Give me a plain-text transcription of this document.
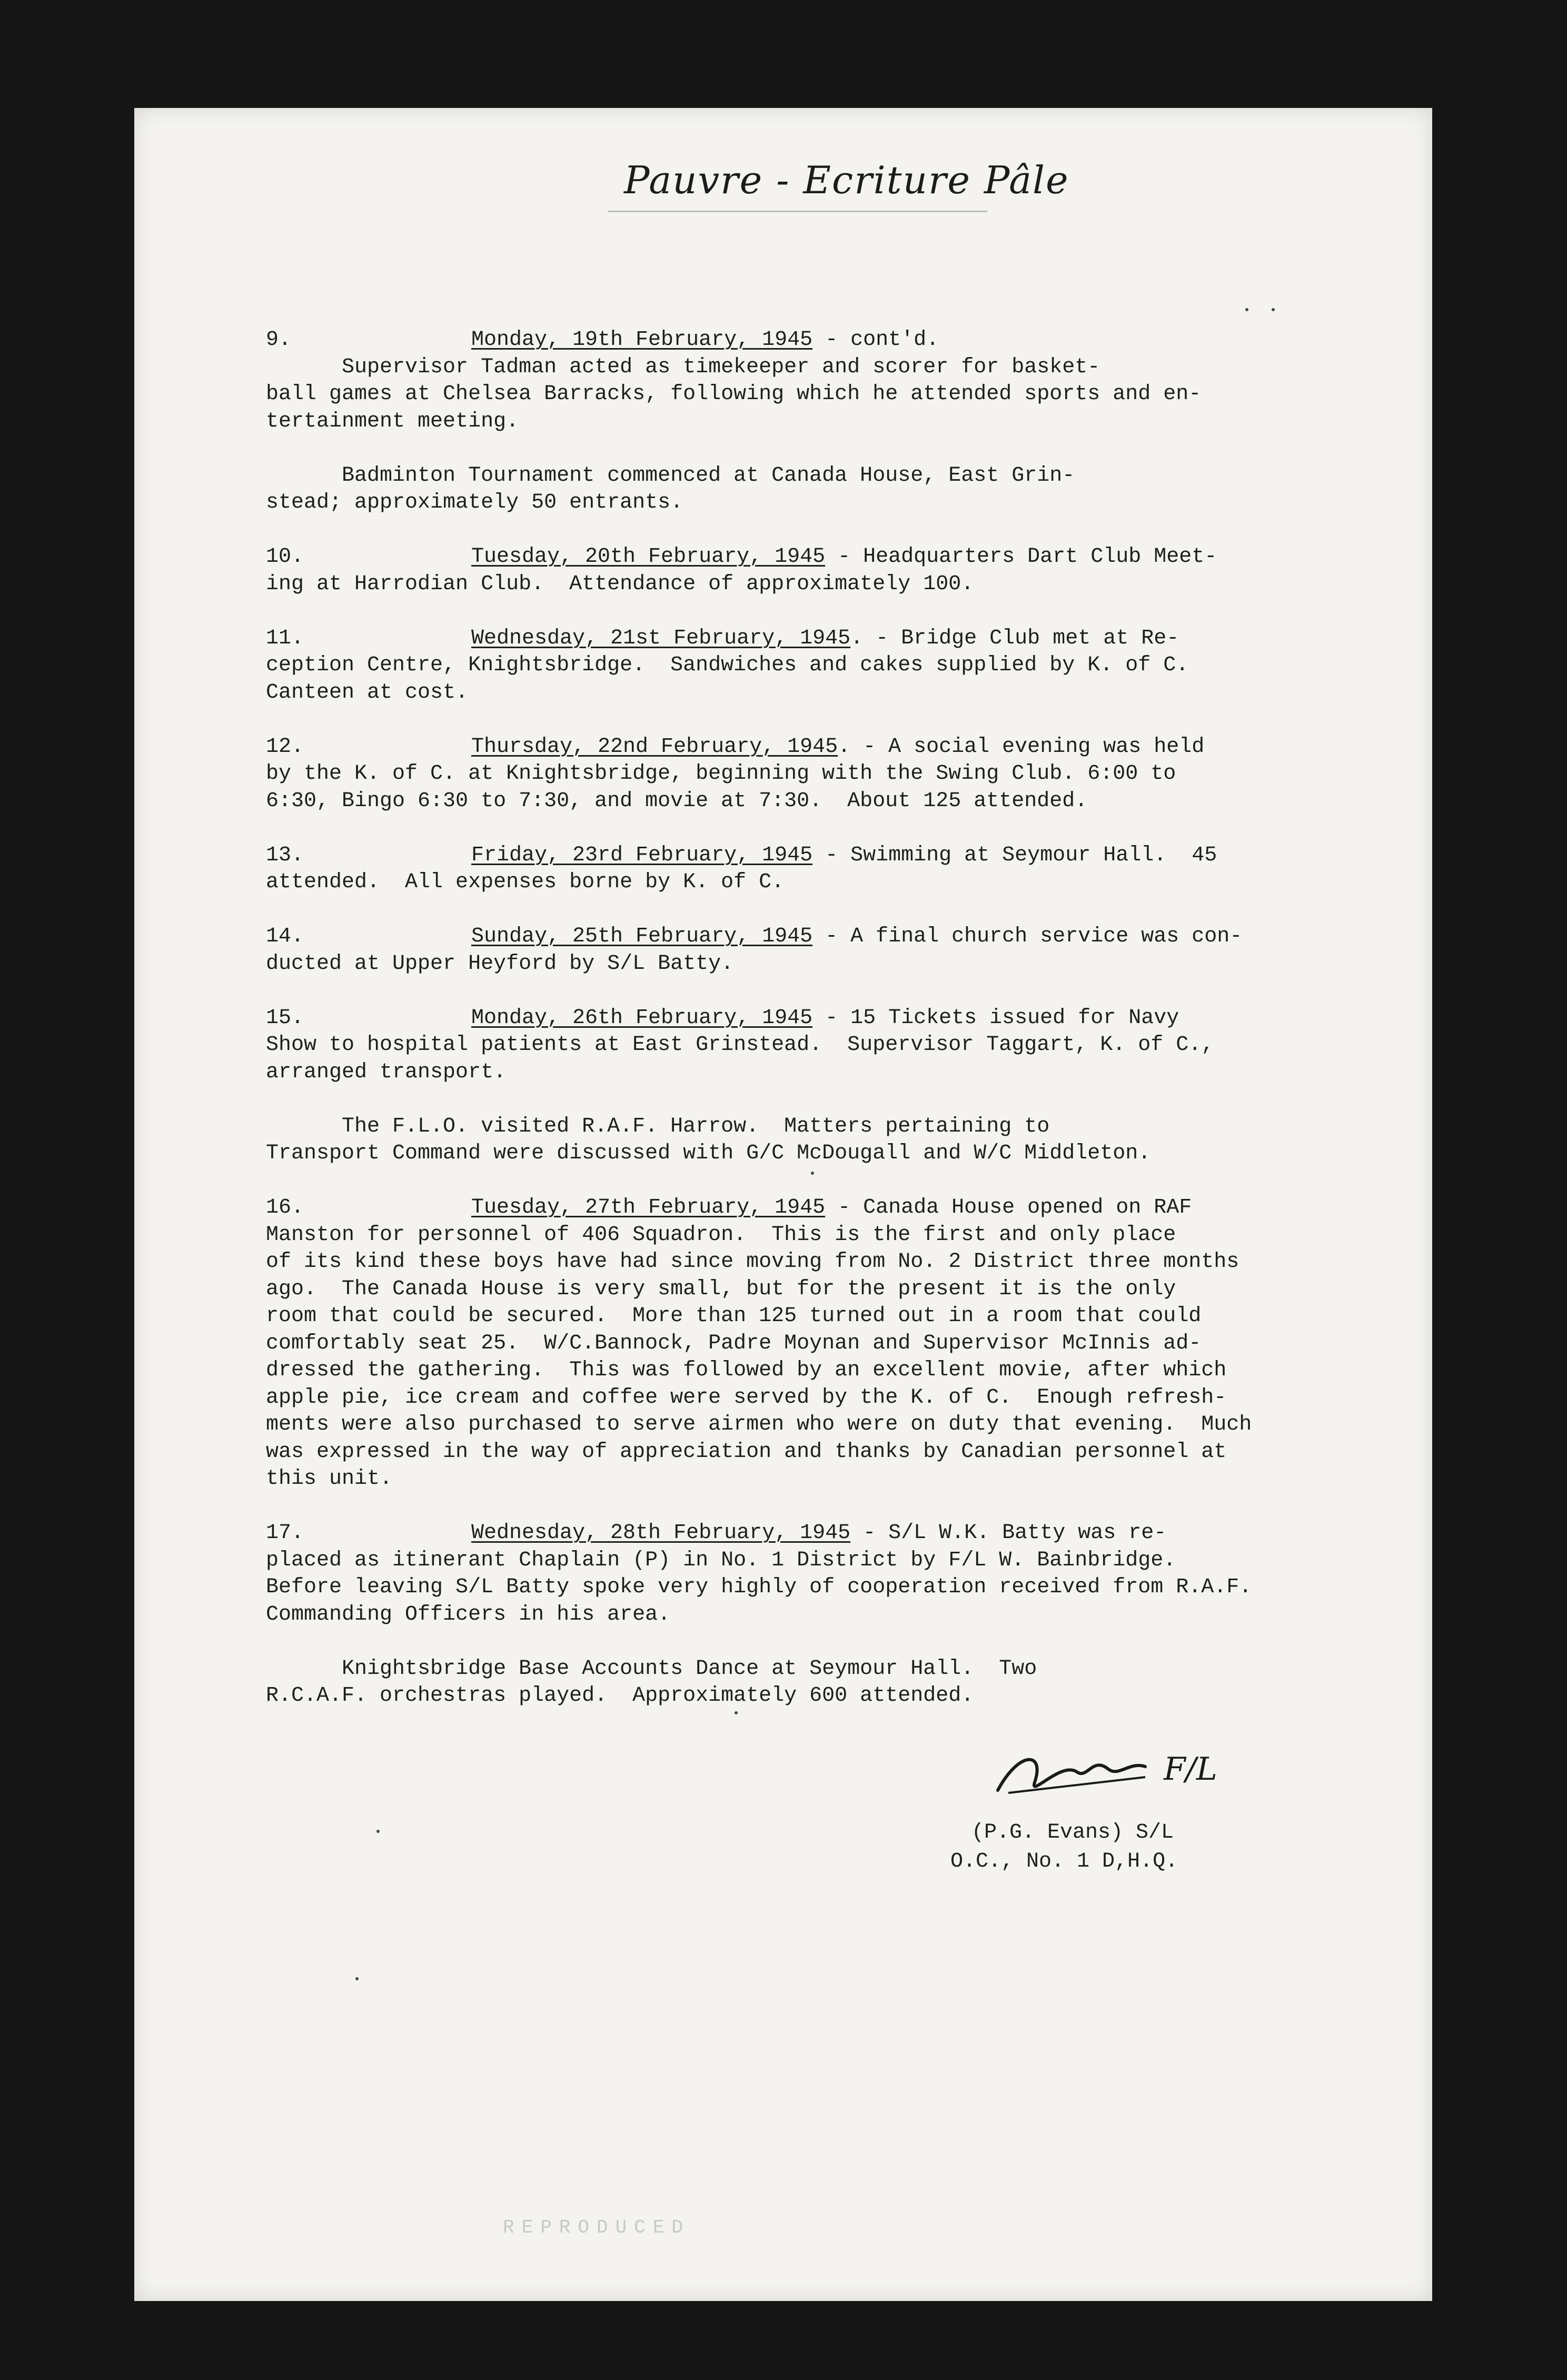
Pauvre - Ecriture Pâle
9.	Monday, 19th February, 1945 - cont'd.
Supervisor Tadman acted as timekeeper and scorer for basket-
ball games at Chelsea Barracks, following which he attended sports and en-
tertainment meeting.
Badminton Tournament commenced at Canada House, East Grin-
stead; approximately 50 entrants.
10.	Tuesday, 20th February, 1945 - Headquarters Dart Club Meet-
ing at Harrodian Club.  Attendance of approximately 100.
11.	Wednesday, 21st February, 1945. - Bridge Club met at Re-
ception Centre, Knightsbridge.  Sandwiches and cakes supplied by K. of C.
Canteen at cost.
12.	Thursday, 22nd February, 1945. - A social evening was held
by the K. of C. at Knightsbridge, beginning with the Swing Club. 6:00 to
6:30, Bingo 6:30 to 7:30, and movie at 7:30.  About 125 attended.
13.	Friday, 23rd February, 1945 - Swimming at Seymour Hall.  45
attended.  All expenses borne by K. of C.
14.	Sunday, 25th February, 1945 - A final church service was con-
ducted at Upper Heyford by S/L Batty.
15.	Monday, 26th February, 1945 - 15 Tickets issued for Navy
Show to hospital patients at East Grinstead.  Supervisor Taggart, K. of C.,
arranged transport.
The F.L.O. visited R.A.F. Harrow.  Matters pertaining to
Transport Command were discussed with G/C McDougall and W/C Middleton.
16.	Tuesday, 27th February, 1945 - Canada House opened on RAF
Manston for personnel of 406 Squadron.  This is the first and only place
of its kind these boys have had since moving from No. 2 District three months
ago.  The Canada House is very small, but for the present it is the only
room that could be secured.  More than 125 turned out in a room that could
comfortably seat 25.  W/C.Bannock, Padre Moynan and Supervisor McInnis ad-
dressed the gathering.  This was followed by an excellent movie, after which
apple pie, ice cream and coffee were served by the K. of C.  Enough refresh-
ments were also purchased to serve airmen who were on duty that evening.  Much
was expressed in the way of appreciation and thanks by Canadian personnel at
this unit.
17.	Wednesday, 28th February, 1945 - S/L W.K. Batty was re-
placed as itinerant Chaplain (P) in No. 1 District by F/L W. Bainbridge.
Before leaving S/L Batty spoke very highly of cooperation received from R.A.F.
Commanding Officers in his area.
Knightsbridge Base Accounts Dance at Seymour Hall.  Two
R.C.A.F. orchestras played.  Approximately 600 attended.
F/L
(P.G. Evans) S/L
O.C., No. 1 D,H.Q.
REPRODUCED
